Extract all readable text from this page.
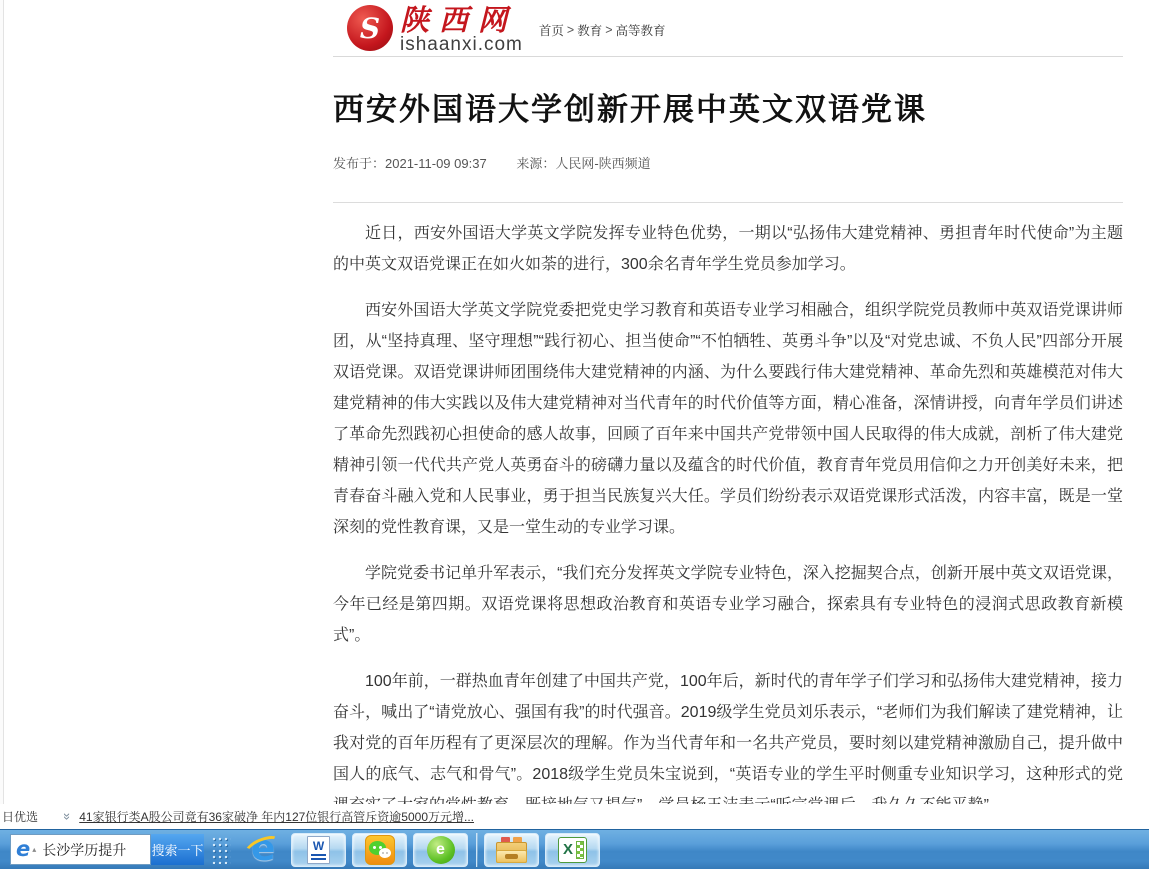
S 陕西网
ishaanxi.com
首页 > 教育 > 高等教育
西安外国语大学创新开展中英文双语党课
发布于：2021-11-09 09:37 来源：人民网-陕西频道

近日，西安外国语大学英文学院发挥专业特色优势，一期以“弘扬伟大建党精神、勇担青年时代使命”为主题的中英文双语党课正在如火如荼的进行，300余名青年学生党员参加学习。

西安外国语大学英文学院党委把党史学习教育和英语专业学习相融合，组织学院党员教师中英双语党课讲师团，从“坚持真理、坚守理想”“践行初心、担当使命”“不怕牺牲、英勇斗争”以及“对党忠诚、不负人民”四部分开展双语党课。双语党课讲师团围绕伟大建党精神的内涵、为什么要践行伟大建党精神、革命先烈和英雄模范对伟大建党精神的伟大实践以及伟大建党精神对当代青年的时代价值等方面，精心准备，深情讲授，向青年学员们讲述了革命先烈践初心担使命的感人故事，回顾了百年来中国共产党带领中国人民取得的伟大成就，剖析了伟大建党精神引领一代代共产党人英勇奋斗的磅礴力量以及蕴含的时代价值，教育青年党员用信仰之力开创美好未来，把青春奋斗融入党和人民事业，勇于担当民族复兴大任。学员们纷纷表示双语党课形式活泼，内容丰富，既是一堂深刻的党性教育课，又是一堂生动的专业学习课。

学院党委书记单升军表示，“我们充分发挥英文学院专业特色，深入挖掘契合点，创新开展中英文双语党课，今年已经是第四期。双语党课将思想政治教育和英语专业学习融合，探索具有专业特色的浸润式思政教育新模式”。

100年前，一群热血青年创建了中国共产党，100年后，新时代的青年学子们学习和弘扬伟大建党精神，接力奋斗，喊出了“请党放心、强国有我”的时代强音。2019级学生党员刘乐表示，“老师们为我们解读了建党精神，让我对党的百年历程有了更深层次的理解。作为当代青年和一名共产党员，要时刻以建党精神激励自己，提升做中国人的底气、志气和骨气”。2018级学生党员朱宝说到，“英语专业的学生平时侧重专业知识学习，这种形式的党

日优选 » 41家银行类A股公司竟有36家破净 年内127位银行高管斥资逾5000万元增...
e ▴ 长沙学历提升 搜索一下 e	W	e	X
